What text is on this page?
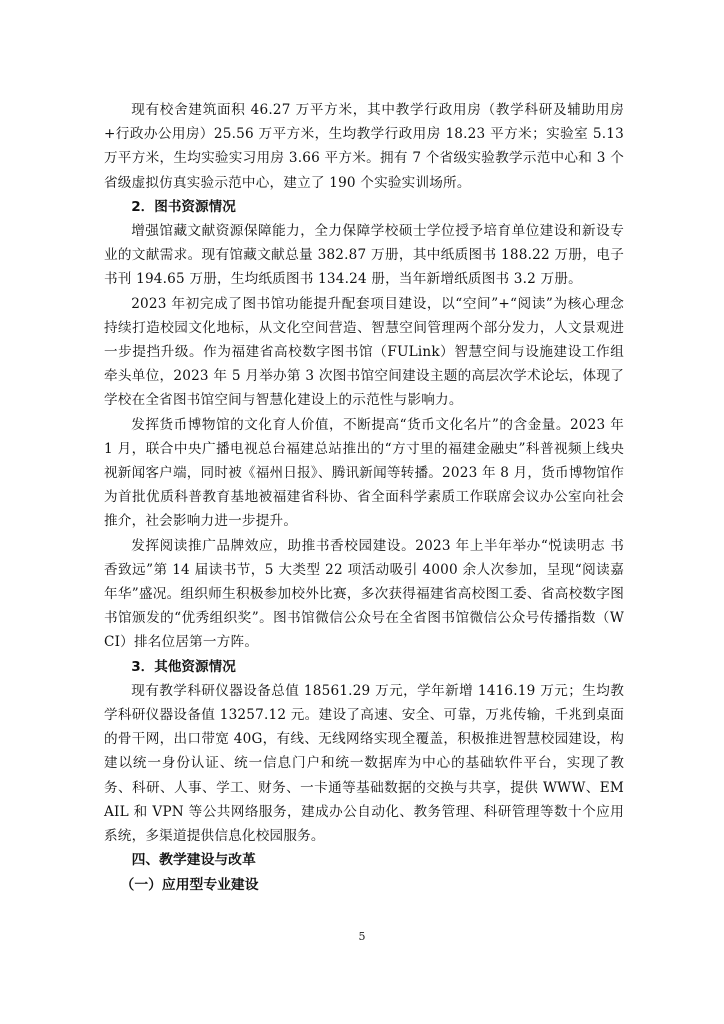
现有校舍建筑面积 46.27 万平方米，其中教学行政用房（教学科研及辅助用房+行政办公用房）25.56 万平方米，生均教学行政用房 18.23 平方米；实验室 5.13 万平方米，生均实验实习用房 3.66 平方米。拥有 7 个省级实验教学示范中心和 3 个省级虚拟仿真实验示范中心，建立了 190 个实验实训场所。

2．图书资源情况

增强馆藏文献资源保障能力，全力保障学校硕士学位授予培育单位建设和新设专业的文献需求。现有馆藏文献总量 382.87 万册，其中纸质图书 188.22 万册，电子书刊 194.65 万册，生均纸质图书 134.24 册，当年新增纸质图书 3.2 万册。

2023 年初完成了图书馆功能提升配套项目建设，以“空间”+“阅读”为核心理念持续打造校园文化地标，从文化空间营造、智慧空间管理两个部分发力，人文景观进一步提挡升级。作为福建省高校数字图书馆（FULink）智慧空间与设施建设工作组牵头单位，2023 年 5 月举办第 3 次图书馆空间建设主题的高层次学术论坛，体现了学校在全省图书馆空间与智慧化建设上的示范性与影响力。

发挥货币博物馆的文化育人价值，不断提高“货币文化名片”的含金量。2023 年 1 月，联合中央广播电视总台福建总站推出的“方寸里的福建金融史”科普视频上线央视新闻客户端，同时被《福州日报》、腾讯新闻等转播。2023 年 8 月，货币博物馆作为首批优质科普教育基地被福建省科协、省全面科学素质工作联席会议办公室向社会推介，社会影响力进一步提升。

发挥阅读推广品牌效应，助推书香校园建设。2023 年上半年举办“悦读明志 书香致远”第 14 届读书节，5 大类型 22 项活动吸引 4000 余人次参加，呈现“阅读嘉年华”盛况。组织师生积极参加校外比赛，多次获得福建省高校图工委、省高校数字图书馆颁发的“优秀组织奖”。图书馆微信公众号在全省图书馆微信公众号传播指数（WCI）排名位居第一方阵。

3．其他资源情况

现有教学科研仪器设备总值 18561.29 万元，学年新增 1416.19 万元；生均教学科研仪器设备值 13257.12 元。建设了高速、安全、可靠，万兆传输，千兆到桌面的骨干网，出口带宽 40G，有线、无线网络实现全覆盖，积极推进智慧校园建设，构建以统一身份认证、统一信息门户和统一数据库为中心的基础软件平台，实现了教务、科研、人事、学工、财务、一卡通等基础数据的交换与共享，提供 WWW、EMAIL 和 VPN 等公共网络服务，建成办公自动化、教务管理、科研管理等数十个应用系统，多渠道提供信息化校园服务。

四、教学建设与改革
（一）应用型专业建设
5
